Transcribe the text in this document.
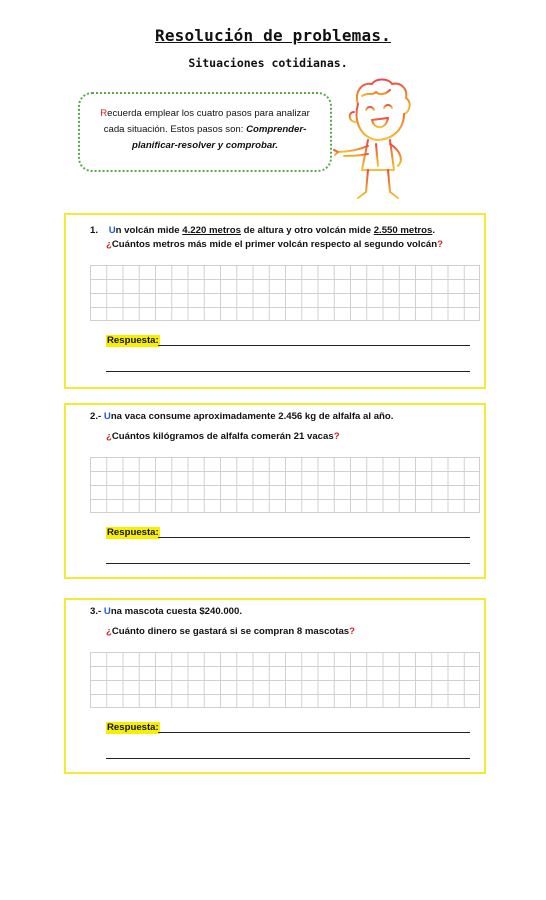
Resolución de problemas.
Situaciones cotidianas.
Recuerda emplear los cuatro pasos para analizar cada situación. Estos pasos son: Comprender-planificar-resolver y comprobar.
1. Un volcán mide 4.220 metros de altura y otro volcán mide 2.550 metros.
¿Cuántos metros más mide el primer volcán respecto al segundo volcán?
Respuesta:
2.- Una vaca consume aproximadamente 2.456 kg de alfalfa al año.
¿Cuántos kilógramos de alfalfa comerán 21 vacas?
Respuesta:
3.- Una mascota cuesta $240.000.
¿Cuánto dinero se gastará si se compran 8 mascotas?
Respuesta:
